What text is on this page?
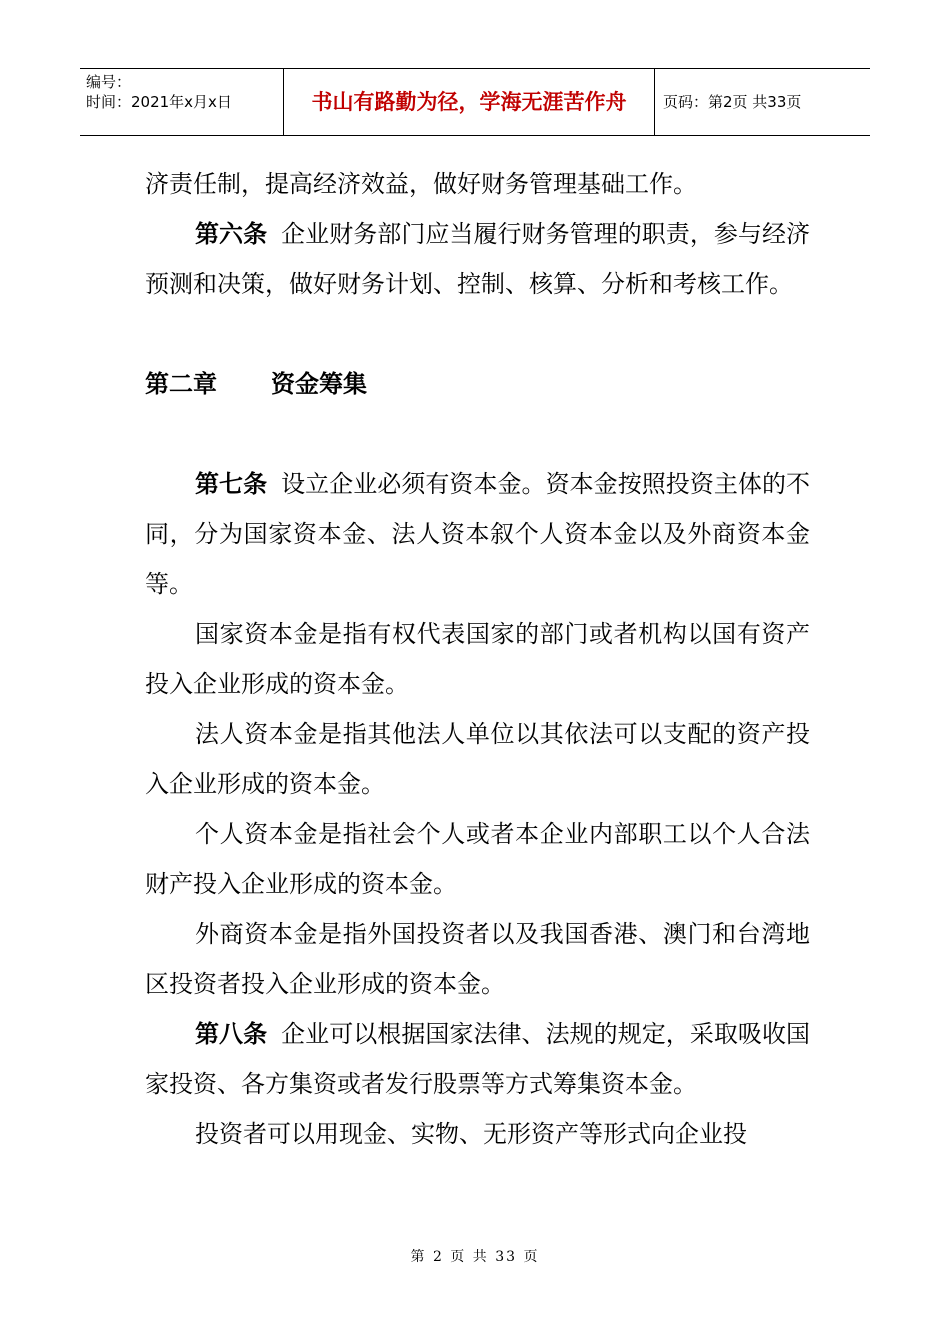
编号：
时间：2021年x月x日	书山有路勤为径，学海无涯苦作舟	页码：第2页 共33页

济责任制，提高经济效益，做好财务管理基础工作。

第六条 企业财务部门应当履行财务管理的职责，参与经济预测和决策，做好财务计划、控制、核算、分析和考核工作。

第二章 资金筹集

第七条 设立企业必须有资本金。资本金按照投资主体的不同，分为国家资本金、法人资本叙个人资本金以及外商资本金等。

国家资本金是指有权代表国家的部门或者机构以国有资产投入企业形成的资本金。

法人资本金是指其他法人单位以其依法可以支配的资产投入企业形成的资本金。

个人资本金是指社会个人或者本企业内部职工以个人合法财产投入企业形成的资本金。

外商资本金是指外国投资者以及我国香港、澳门和台湾地区投资者投入企业形成的资本金。

第八条 企业可以根据国家法律、法规的规定，采取吸收国家投资、各方集资或者发行股票等方式筹集资本金。

投资者可以用现金、实物、无形资产等形式向企业投

第 2 页 共 33 页
